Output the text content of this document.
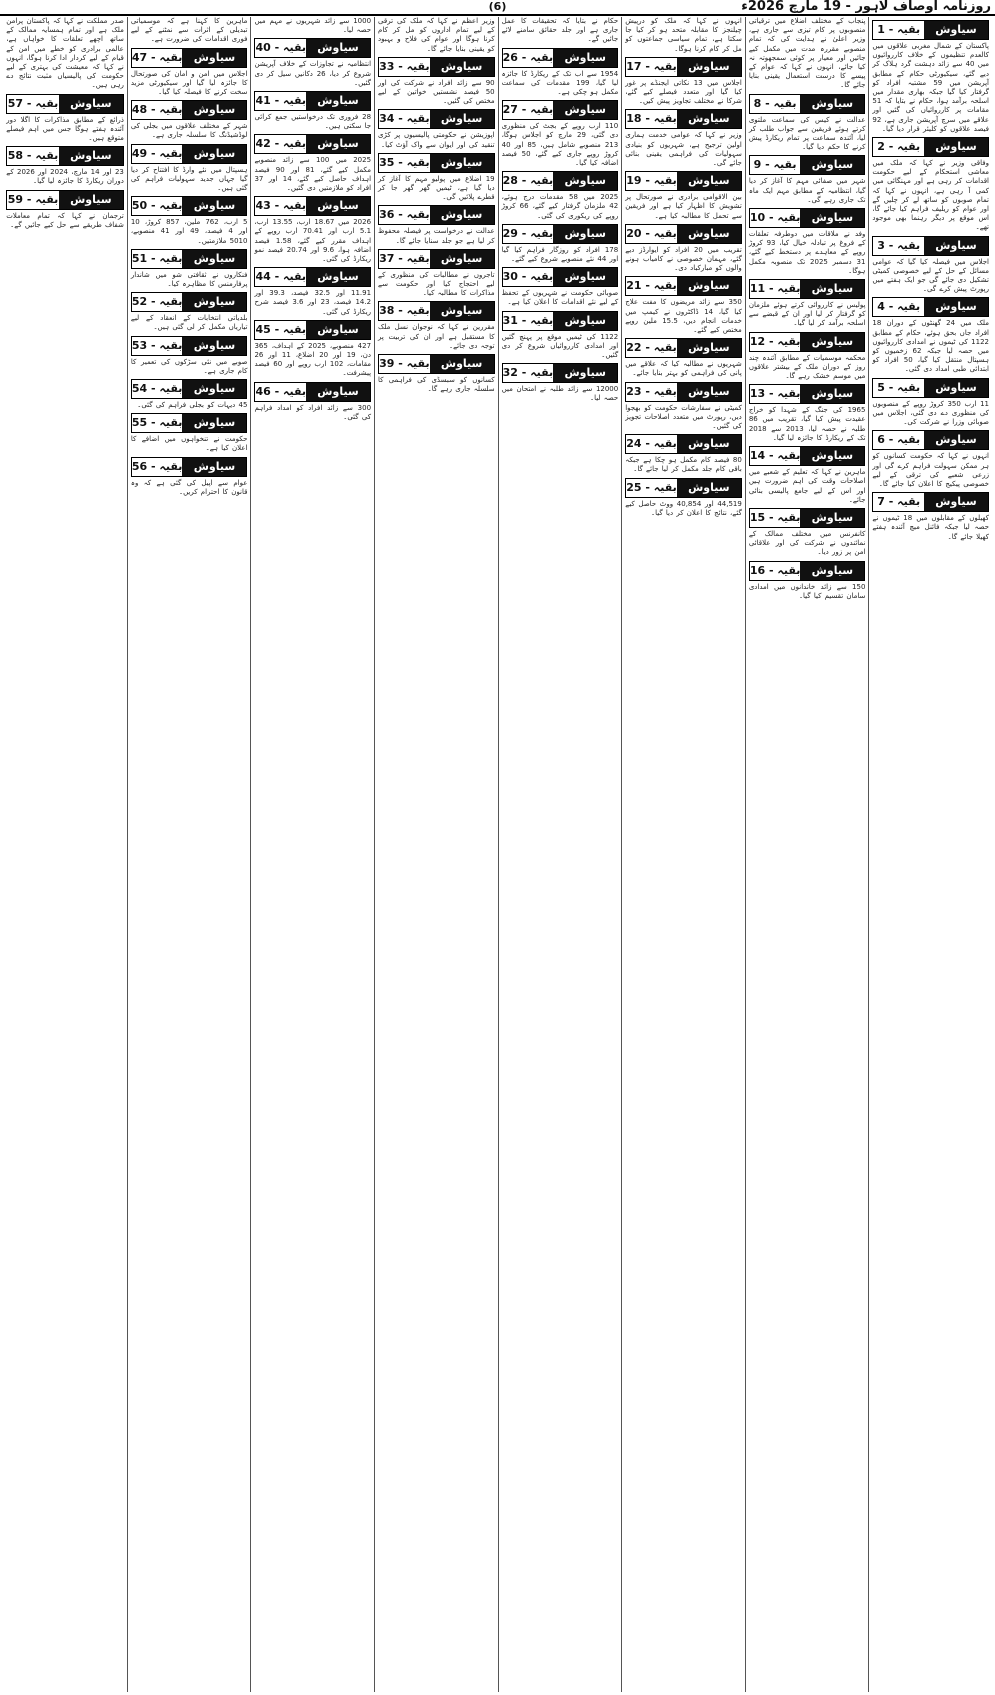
روزنامہ اوصاف لاہور - 19 مارچ 2026ء
(6)
سیاوش
بقیہ - 1

پاکستان کے شمال مغربی علاقوں میں کالعدم تنظیموں کے خلاف کارروائیوں میں 40 سے زائد دہشت گرد ہلاک کر دیے گئے، سیکیورٹی حکام کے مطابق آپریشن میں 59 مشتبہ افراد کو گرفتار کیا گیا جبکہ بھاری مقدار میں اسلحہ برآمد ہوا، حکام نے بتایا کہ 51 مقامات پر کارروائیاں کی گئیں اور علاقے میں سرچ آپریشن جاری ہے، 92 فیصد علاقوں کو کلیئر قرار دیا گیا۔

سیاوش
بقیہ - 2

وفاقی وزیر نے کہا کہ ملک میں معاشی استحکام کے لیے حکومت اقدامات کر رہی ہے اور مہنگائی میں کمی آ رہی ہے، انہوں نے کہا کہ تمام صوبوں کو ساتھ لے کر چلیں گے اور عوام کو ریلیف فراہم کیا جائے گا، اس موقع پر دیگر رہنما بھی موجود تھے۔

سیاوش
بقیہ - 3

اجلاس میں فیصلہ کیا گیا کہ عوامی مسائل کے حل کے لیے خصوصی کمیٹی تشکیل دی جائے گی جو ایک ہفتے میں رپورٹ پیش کرے گی۔

سیاوش
بقیہ - 4

ملک میں 24 گھنٹوں کے دوران 18 افراد جاں بحق ہوئے، حکام کے مطابق 1122 کی ٹیموں نے امدادی کارروائیوں میں حصہ لیا جبکہ 62 زخمیوں کو ہسپتال منتقل کیا گیا، 50 افراد کو ابتدائی طبی امداد دی گئی۔

سیاوش
بقیہ - 5

11 ارب 350 کروڑ روپے کے منصوبوں کی منظوری دے دی گئی، اجلاس میں صوبائی وزرا نے شرکت کی۔

سیاوش
بقیہ - 6

انہوں نے کہا کہ حکومت کسانوں کو ہر ممکن سہولت فراہم کرے گی اور زرعی شعبے کی ترقی کے لیے خصوصی پیکیج کا اعلان کیا جائے گا۔

سیاوش
بقیہ - 7

کھیلوں کے مقابلوں میں 18 ٹیموں نے حصہ لیا جبکہ فائنل میچ آئندہ ہفتے کھیلا جائے گا۔

پنجاب کے مختلف اضلاع میں ترقیاتی منصوبوں پر کام تیزی سے جاری ہے، وزیر اعلیٰ نے ہدایت کی کہ تمام منصوبے مقررہ مدت میں مکمل کیے جائیں اور معیار پر کوئی سمجھوتہ نہ کیا جائے، انہوں نے کہا کہ عوام کے پیسے کا درست استعمال یقینی بنایا جائے گا۔

سیاوش
بقیہ - 8

عدالت نے کیس کی سماعت ملتوی کرتے ہوئے فریقین سے جواب طلب کر لیا، آئندہ سماعت پر تمام ریکارڈ پیش کرنے کا حکم دیا گیا۔

سیاوش
بقیہ - 9

شہر میں صفائی مہم کا آغاز کر دیا گیا، انتظامیہ کے مطابق مہم ایک ماہ تک جاری رہے گی۔

سیاوش
بقیہ - 10

وفد نے ملاقات میں دوطرفہ تعلقات کے فروغ پر تبادلہ خیال کیا، 93 کروڑ روپے کے معاہدے پر دستخط کیے گئے، 31 دسمبر 2025 تک منصوبہ مکمل ہوگا۔

سیاوش
بقیہ - 11

پولیس نے کارروائی کرتے ہوئے ملزمان کو گرفتار کر لیا اور ان کے قبضے سے اسلحہ برآمد کر لیا گیا۔

سیاوش
بقیہ - 12

محکمہ موسمیات کے مطابق آئندہ چند روز کے دوران ملک کے بیشتر علاقوں میں موسم خشک رہے گا۔

سیاوش
بقیہ - 13

1965 کی جنگ کے شہدا کو خراج عقیدت پیش کیا گیا، تقریب میں 86 طلبہ نے حصہ لیا، 2013 سے 2018 تک کے ریکارڈ کا جائزہ لیا گیا۔

سیاوش
بقیہ - 14

ماہرین نے کہا کہ تعلیم کے شعبے میں اصلاحات وقت کی اہم ضرورت ہیں اور اس کے لیے جامع پالیسی بنائی جائے۔

سیاوش
بقیہ - 15

کانفرنس میں مختلف ممالک کے نمائندوں نے شرکت کی اور علاقائی امن پر زور دیا۔

سیاوش
بقیہ - 16

150 سے زائد خاندانوں میں امدادی سامان تقسیم کیا گیا۔

انہوں نے کہا کہ ملک کو درپیش چیلنجز کا مقابلہ متحد ہو کر کیا جا سکتا ہے، تمام سیاسی جماعتوں کو مل کر کام کرنا ہوگا۔

سیاوش
بقیہ - 17

اجلاس میں 13 نکاتی ایجنڈے پر غور کیا گیا اور متعدد فیصلے کیے گئے، شرکا نے مختلف تجاویز پیش کیں۔

سیاوش
بقیہ - 18

وزیر نے کہا کہ عوامی خدمت ہماری اولین ترجیح ہے، شہریوں کو بنیادی سہولیات کی فراہمی یقینی بنائی جائے گی۔

سیاوش
بقیہ - 19

بین الاقوامی برادری نے صورتحال پر تشویش کا اظہار کیا ہے اور فریقین سے تحمل کا مطالبہ کیا ہے۔

سیاوش
بقیہ - 20

تقریب میں 20 افراد کو ایوارڈز دیے گئے، مہمان خصوصی نے کامیاب ہونے والوں کو مبارکباد دی۔

سیاوش
بقیہ - 21

350 سے زائد مریضوں کا مفت علاج کیا گیا، 14 ڈاکٹروں نے کیمپ میں خدمات انجام دیں، 15.5 ملین روپے مختص کیے گئے۔

سیاوش
بقیہ - 22

شہریوں نے مطالبہ کیا کہ علاقے میں پانی کی فراہمی کو بہتر بنایا جائے۔

سیاوش
بقیہ - 23

کمیٹی نے سفارشات حکومت کو بھجوا دیں، رپورٹ میں متعدد اصلاحات تجویز کی گئیں۔

سیاوش
بقیہ - 24

80 فیصد کام مکمل ہو چکا ہے جبکہ باقی کام جلد مکمل کر لیا جائے گا۔

سیاوش
بقیہ - 25

44,519 اور 40,854 ووٹ حاصل کیے گئے، نتائج کا اعلان کر دیا گیا۔

حکام نے بتایا کہ تحقیقات کا عمل جاری ہے اور جلد حقائق سامنے لائے جائیں گے۔

سیاوش
بقیہ - 26

1954 سے اب تک کے ریکارڈ کا جائزہ لیا گیا، 199 مقدمات کی سماعت مکمل ہو چکی ہے۔

سیاوش
بقیہ - 27

110 ارب روپے کے بجٹ کی منظوری دی گئی، 29 مارچ کو اجلاس ہوگا، 213 منصوبے شامل ہیں، 85 اور 40 کروڑ روپے جاری کیے گئے، 50 فیصد اضافہ کیا گیا۔

سیاوش
بقیہ - 28

2025 میں 58 مقدمات درج ہوئے، 42 ملزمان گرفتار کیے گئے، 66 کروڑ روپے کی ریکوری کی گئی۔

سیاوش
بقیہ - 29

178 افراد کو روزگار فراہم کیا گیا اور 44 نئے منصوبے شروع کیے گئے۔

سیاوش
بقیہ - 30

صوبائی حکومت نے شہریوں کے تحفظ کے لیے نئے اقدامات کا اعلان کیا ہے۔

سیاوش
بقیہ - 31

1122 کی ٹیمیں موقع پر پہنچ گئیں اور امدادی کارروائیاں شروع کر دی گئیں۔

سیاوش
بقیہ - 32

12000 سے زائد طلبہ نے امتحان میں حصہ لیا۔

وزیر اعظم نے کہا کہ ملک کی ترقی کے لیے تمام اداروں کو مل کر کام کرنا ہوگا اور عوام کی فلاح و بہبود کو یقینی بنایا جائے گا۔

سیاوش
بقیہ - 33

90 سے زائد افراد نے شرکت کی اور 50 فیصد نشستیں خواتین کے لیے مختص کی گئیں۔

سیاوش
بقیہ - 34

اپوزیشن نے حکومتی پالیسیوں پر کڑی تنقید کی اور ایوان سے واک آؤٹ کیا۔

سیاوش
بقیہ - 35

19 اضلاع میں پولیو مہم کا آغاز کر دیا گیا ہے، ٹیمیں گھر گھر جا کر قطرے پلائیں گی۔

سیاوش
بقیہ - 36

عدالت نے درخواست پر فیصلہ محفوظ کر لیا ہے جو جلد سنایا جائے گا۔

سیاوش
بقیہ - 37

تاجروں نے مطالبات کی منظوری کے لیے احتجاج کیا اور حکومت سے مذاکرات کا مطالبہ کیا۔

سیاوش
بقیہ - 38

مقررین نے کہا کہ نوجوان نسل ملک کا مستقبل ہے اور ان کی تربیت پر توجہ دی جائے۔

سیاوش
بقیہ - 39

کسانوں کو سبسڈی کی فراہمی کا سلسلہ جاری رہے گا۔

1000 سے زائد شہریوں نے مہم میں حصہ لیا۔

سیاوش
بقیہ - 40

انتظامیہ نے تجاوزات کے خلاف آپریشن شروع کر دیا، 26 دکانیں سیل کر دی گئیں۔

سیاوش
بقیہ - 41

28 فروری تک درخواستیں جمع کرائی جا سکتی ہیں۔

سیاوش
بقیہ - 42

2025 میں 100 سے زائد منصوبے مکمل کیے گئے، 81 اور 90 فیصد اہداف حاصل کیے گئے، 14 اور 37 افراد کو ملازمتیں دی گئیں۔

سیاوش
بقیہ - 43

2026 میں 18.67 ارب، 13.55 ارب، 5.1 ارب اور 70.41 ارب روپے کے اہداف مقرر کیے گئے، 1.58 فیصد اضافہ ہوا، 9.6 اور 20.74 فیصد نمو ریکارڈ کی گئی۔

سیاوش
بقیہ - 44

11.91 اور 32.5 فیصد، 39.3 اور 14.2 فیصد، 23 اور 3.6 فیصد شرح ریکارڈ کی گئی۔

سیاوش
بقیہ - 45

427 منصوبے، 2025 کے اہداف، 365 دن، 19 اور 20 اضلاع، 11 اور 26 مقامات، 102 ارب روپے اور 60 فیصد پیشرفت۔

سیاوش
بقیہ - 46

300 سے زائد افراد کو امداد فراہم کی گئی۔

ماہرین کا کہنا ہے کہ موسمیاتی تبدیلی کے اثرات سے نمٹنے کے لیے فوری اقدامات کی ضرورت ہے۔

سیاوش
بقیہ - 47

اجلاس میں امن و امان کی صورتحال کا جائزہ لیا گیا اور سیکیورٹی مزید سخت کرنے کا فیصلہ کیا گیا۔

سیاوش
بقیہ - 48

شہر کے مختلف علاقوں میں بجلی کی لوڈشیڈنگ کا سلسلہ جاری ہے۔

سیاوش
بقیہ - 49

ہسپتال میں نئے وارڈ کا افتتاح کر دیا گیا جہاں جدید سہولیات فراہم کی گئی ہیں۔

سیاوش
بقیہ - 50

5 ارب، 762 ملین، 857 کروڑ، 10 اور 4 فیصد، 49 اور 41 منصوبے، 5010 ملازمتیں۔

سیاوش
بقیہ - 51

فنکاروں نے ثقافتی شو میں شاندار پرفارمنس کا مظاہرہ کیا۔

سیاوش
بقیہ - 52

بلدیاتی انتخابات کے انعقاد کے لیے تیاریاں مکمل کر لی گئی ہیں۔

سیاوش
بقیہ - 53

صوبے میں نئی سڑکوں کی تعمیر کا کام جاری ہے۔

سیاوش
بقیہ - 54

45 دیہات کو بجلی فراہم کی گئی۔

سیاوش
بقیہ - 55

حکومت نے تنخواہوں میں اضافے کا اعلان کیا ہے۔

سیاوش
بقیہ - 56

عوام سے اپیل کی گئی ہے کہ وہ قانون کا احترام کریں۔

صدر مملکت نے کہا کہ پاکستان پرامن ملک ہے اور تمام ہمسایہ ممالک کے ساتھ اچھے تعلقات کا خواہاں ہے، عالمی برادری کو خطے میں امن کے قیام کے لیے کردار ادا کرنا ہوگا، انہوں نے کہا کہ معیشت کی بہتری کے لیے حکومت کی پالیسیاں مثبت نتائج دے رہی ہیں۔

سیاوش
بقیہ - 57

ذرائع کے مطابق مذاکرات کا اگلا دور آئندہ ہفتے ہوگا جس میں اہم فیصلے متوقع ہیں۔

سیاوش
بقیہ - 58

23 اور 14 مارچ، 2024 اور 2026 کے دوران ریکارڈ کا جائزہ لیا گیا۔

سیاوش
بقیہ - 59

ترجمان نے کہا کہ تمام معاملات شفاف طریقے سے حل کیے جائیں گے۔
